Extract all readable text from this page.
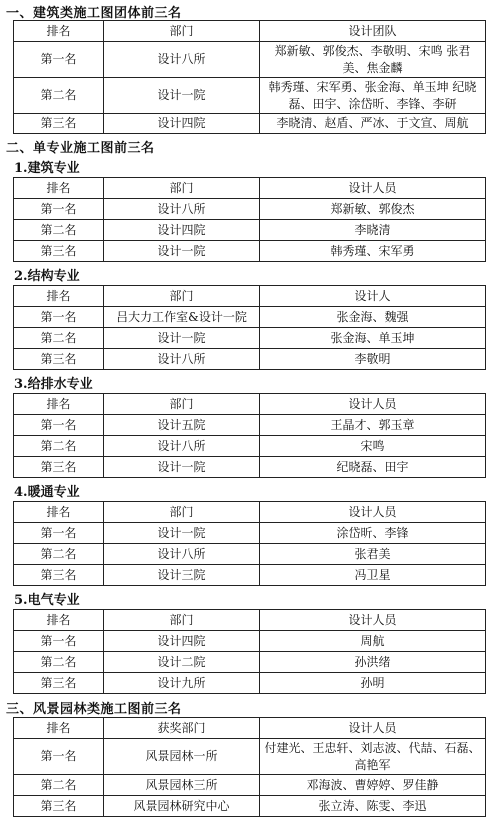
一、建筑类施工图团体前三名
排名	部门	设计团队
第一名	设计八所	郑新敏、郭俊杰、李敬明、宋鸣 张君美、焦金麟
第二名	设计一院	韩秀瑾、宋军勇、张金海、单玉坤 纪晓磊、田宇、涂岱昕、李锋、李研
第三名	设计四院	李晓清、赵盾、严冰、于文宣、周航
二、单专业施工图前三名
1.建筑专业
排名	部门	设计人员
第一名	设计八所	郑新敏、郭俊杰
第二名	设计四院	李晓清
第三名	设计一院	韩秀瑾、宋军勇
2.结构专业
排名	部门	设计人
第一名	吕大力工作室&设计一院	张金海、魏强
第二名	设计一院	张金海、单玉坤
第三名	设计八所	李敬明
3.给排水专业
排名	部门	设计人员
第一名	设计五院	王晶才、郭玉章
第二名	设计八所	宋鸣
第三名	设计一院	纪晓磊、田宇
4.暖通专业
排名	部门	设计人员
第一名	设计一院	涂岱昕、李锋
第二名	设计八所	张君美
第三名	设计三院	冯卫星
5.电气专业
排名	部门	设计人员
第一名	设计四院	周航
第二名	设计二院	孙洪绪
第三名	设计九所	孙明
三、风景园林类施工图前三名
排名	获奖部门	设计人员
第一名	风景园林一所	付建光、王忠轩、刘志波、代喆、石磊、高艳军
第二名	风景园林三所	邓海波、曹婷婷、罗佳静
第三名	风景园林研究中心	张立涛、陈雯、李迅
